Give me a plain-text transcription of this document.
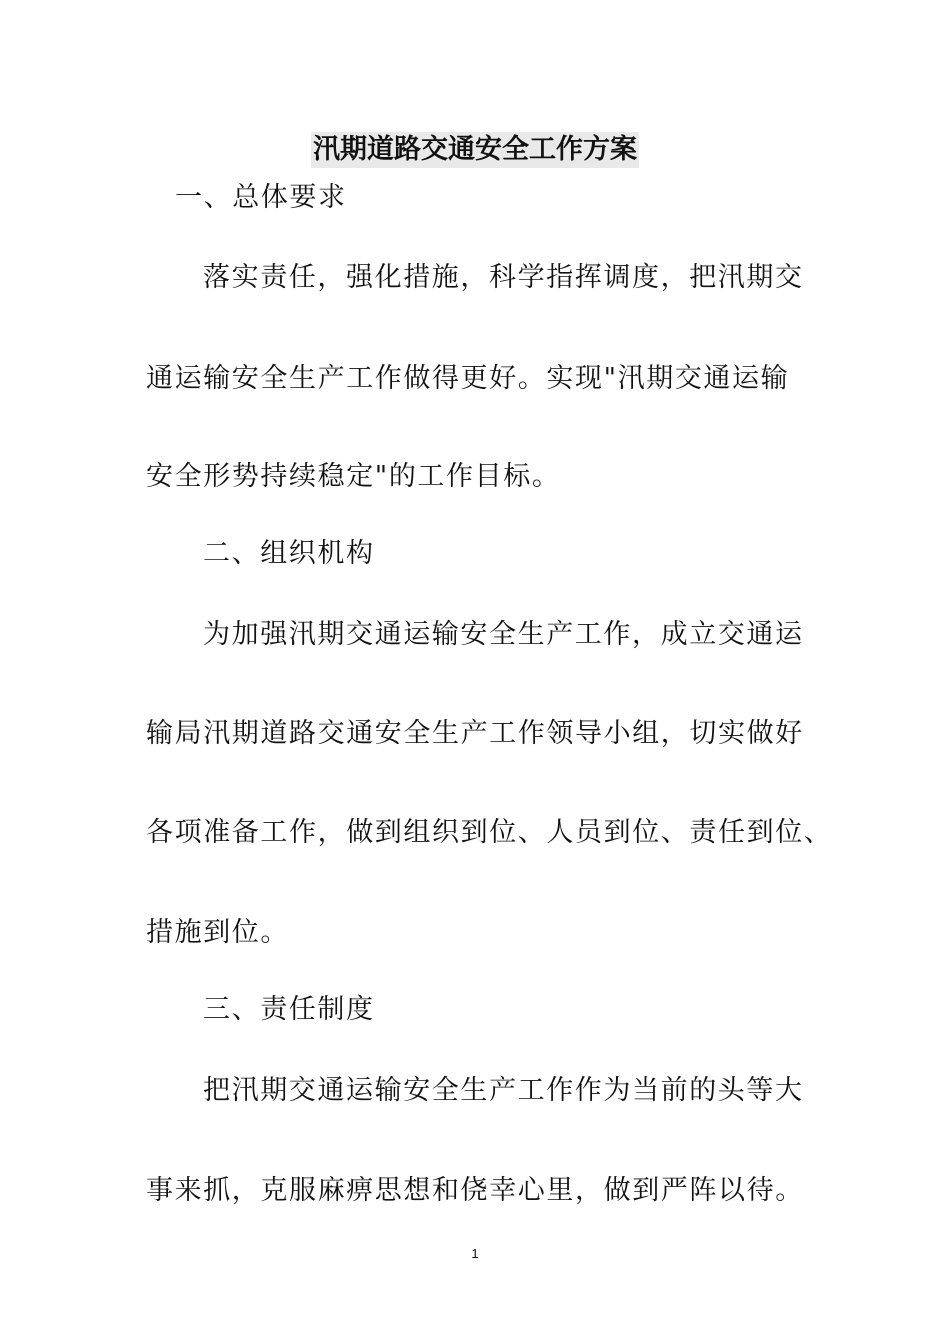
汛期道路交通安全工作方案
一、总体要求
落实责任，强化措施，科学指挥调度，把汛期交
通运输安全生产工作做得更好。实现"汛期交通运输
安全形势持续稳定"的工作目标。
二、组织机构
为加强汛期交通运输安全生产工作，成立交通运
输局汛期道路交通安全生产工作领导小组，切实做好
各项准备工作，做到组织到位、人员到位、责任到位、
措施到位。
三、责任制度
把汛期交通运输安全生产工作作为当前的头等大
事来抓，克服麻痹思想和侥幸心里，做到严阵以待。
1
